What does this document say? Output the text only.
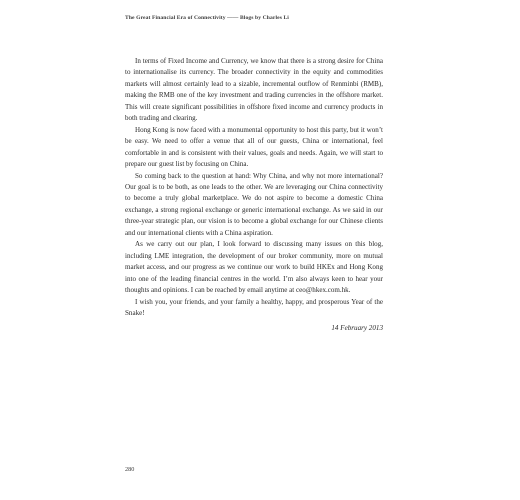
The Great Financial Era of Connectivity —— Blogs by Charles Li

In terms of Fixed Income and Currency, we know that there is a strong desire for China to internationalise its currency. The broader connectivity in the equity and commodities markets will almost certainly lead to a sizable, incremental outflow of Renminbi (RMB), making the RMB one of the key investment and trading currencies in the offshore market. This will create significant possibilities in offshore fixed income and currency products in both trading and clearing.

Hong Kong is now faced with a monumental opportunity to host this party, but it won’t be easy. We need to offer a venue that all of our guests, China or international, feel comfortable in and is consistent with their values, goals and needs. Again, we will start to prepare our guest list by focusing on China.

So coming back to the question at hand: Why China, and why not more international? Our goal is to be both, as one leads to the other. We are leveraging our China connectivity to become a truly global marketplace. We do not aspire to become a domestic China exchange, a strong regional exchange or generic international exchange. As we said in our three-year strategic plan, our vision is to become a global exchange for our Chinese clients and our international clients with a China aspiration.

As we carry out our plan, I look forward to discussing many issues on this blog, including LME integration, the development of our broker community, more on mutual market access, and our progress as we continue our work to build HKEx and Hong Kong into one of the leading financial centres in the world. I’m also always keen to hear your thoughts and opinions. I can be reached by email anytime at ceo@hkex.com.hk.

I wish you, your friends, and your family a healthy, happy, and prosperous Year of the Snake!

14 February 2013
280
